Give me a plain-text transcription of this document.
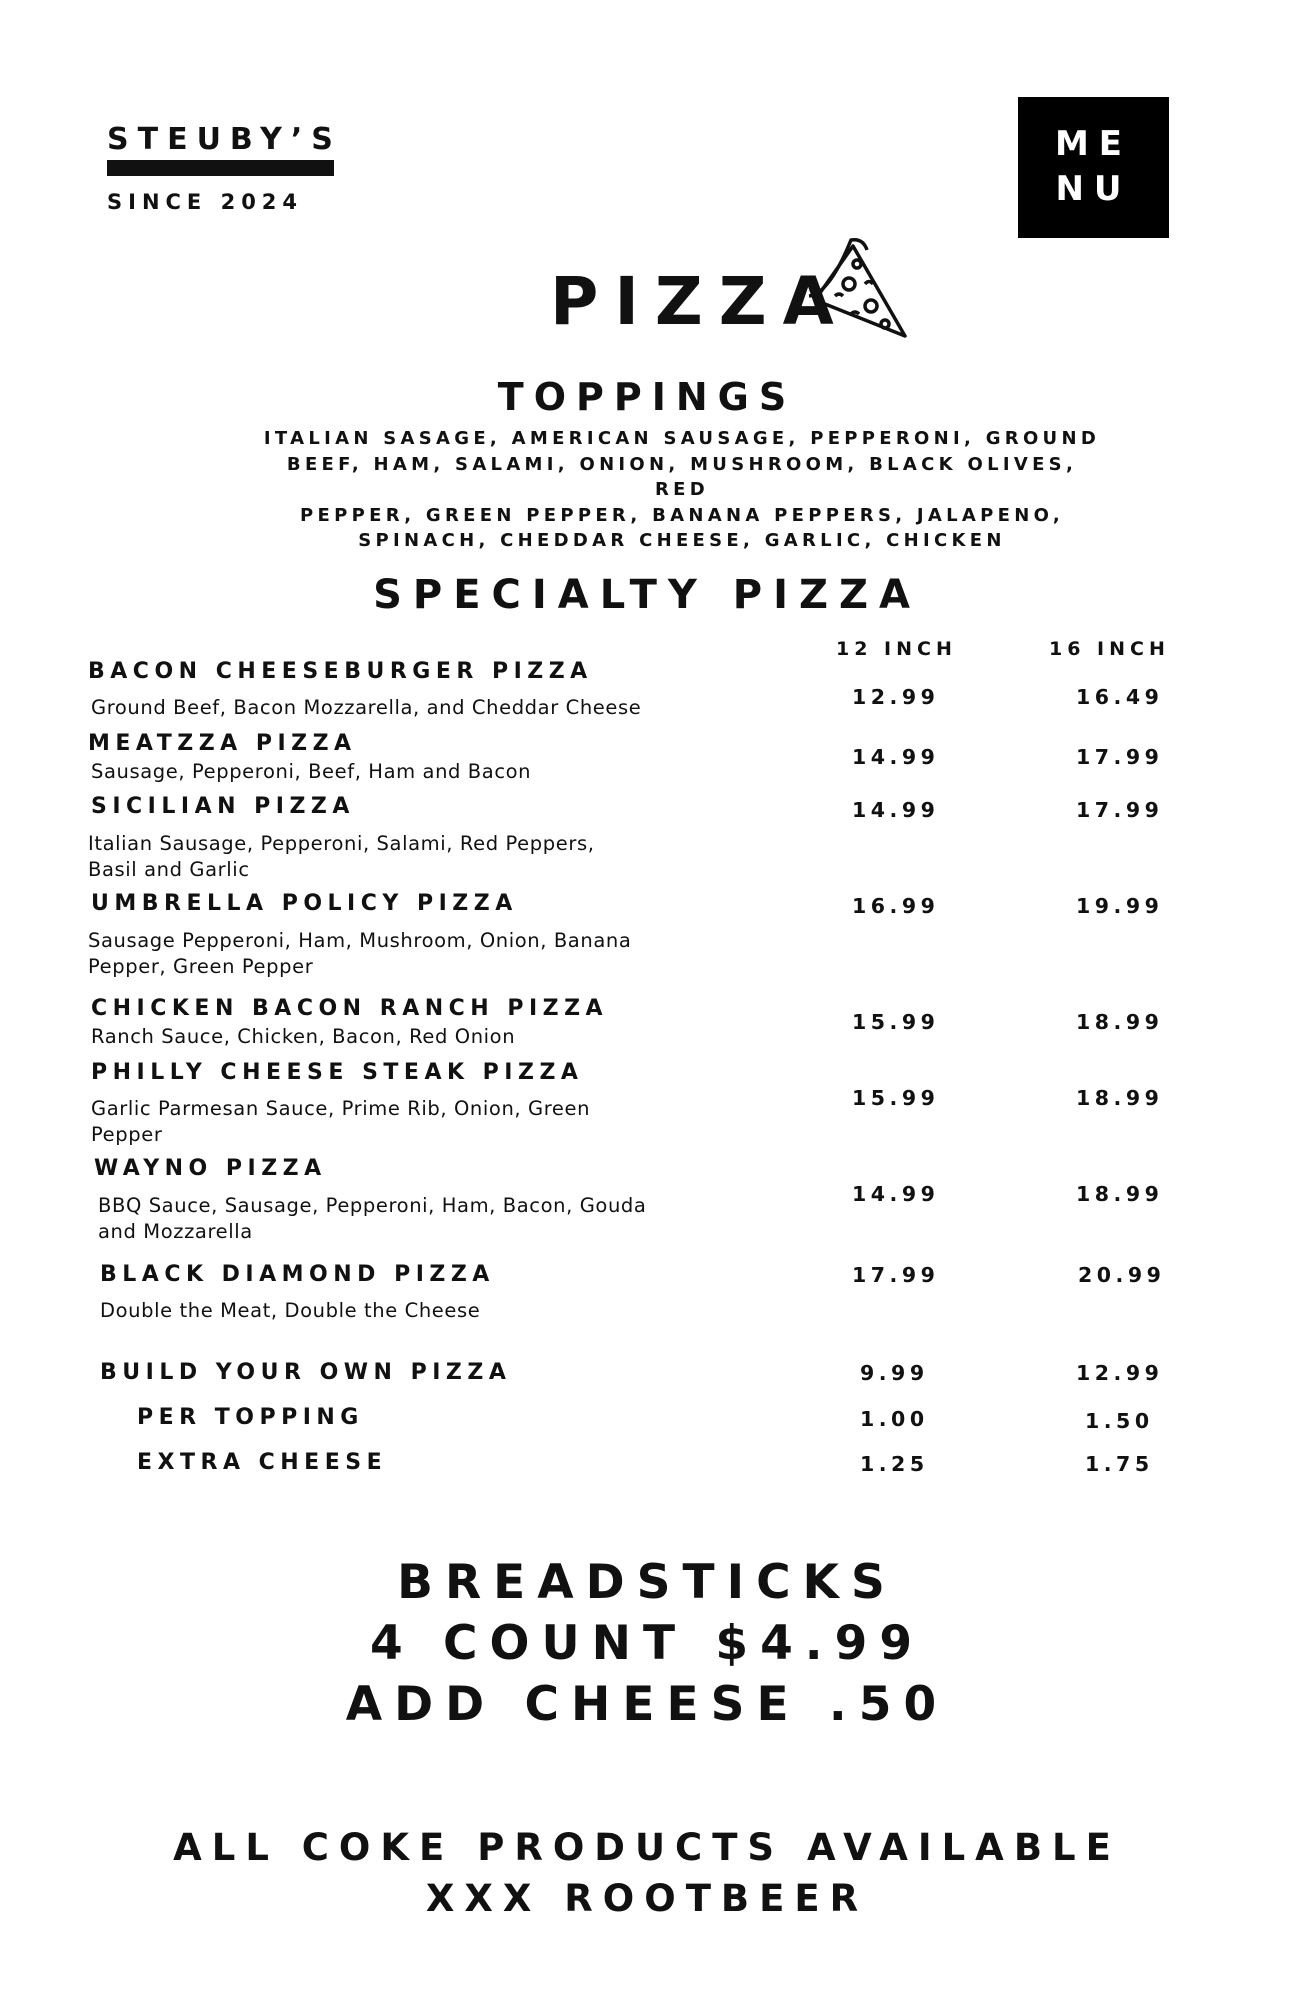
STEUBY’S
SINCE 2024
ME
NU
PIZZA
TOPPINGS
ITALIAN SASAGE, AMERICAN SAUSAGE, PEPPERONI, GROUND
BEEF, HAM, SALAMI, ONION, MUSHROOM, BLACK OLIVES, RED
PEPPER, GREEN PEPPER, BANANA PEPPERS, JALAPENO,
SPINACH, CHEDDAR CHEESE, GARLIC, CHICKEN
SPECIALTY PIZZA
12 INCH	16 INCH
BACON CHEESEBURGER PIZZA
Ground Beef, Bacon Mozzarella, and Cheddar Cheese	12.99	16.49
MEATZZA PIZZA
Sausage, Pepperoni, Beef, Ham and Bacon
14.99	17.99
SICILIAN PIZZA
Italian Sausage, Pepperoni, Salami, Red Peppers, Basil and Garlic
14.99	17.99
UMBRELLA POLICY PIZZA
Sausage Pepperoni, Ham, Mushroom, Onion, Banana Pepper, Green Pepper
16.99	19.99
CHICKEN BACON RANCH PIZZA
Ranch Sauce, Chicken, Bacon, Red Onion
15.99	18.99
PHILLY CHEESE STEAK PIZZA
Garlic Parmesan Sauce, Prime Rib, Onion, Green Pepper
15.99	18.99
WAYNO PIZZA
BBQ Sauce, Sausage, Pepperoni, Ham, Bacon, Gouda and Mozzarella
14.99	18.99
BLACK DIAMOND PIZZA
Double the Meat, Double the Cheese
17.99	20.99
BUILD YOUR OWN PIZZA	9.99	12.99
PER TOPPING	1.00	1.50
EXTRA CHEESE	1.25	1.75
BREADSTICKS
4 COUNT $4.99
ADD CHEESE .50
ALL COKE PRODUCTS AVAILABLE
XXX ROOTBEER
